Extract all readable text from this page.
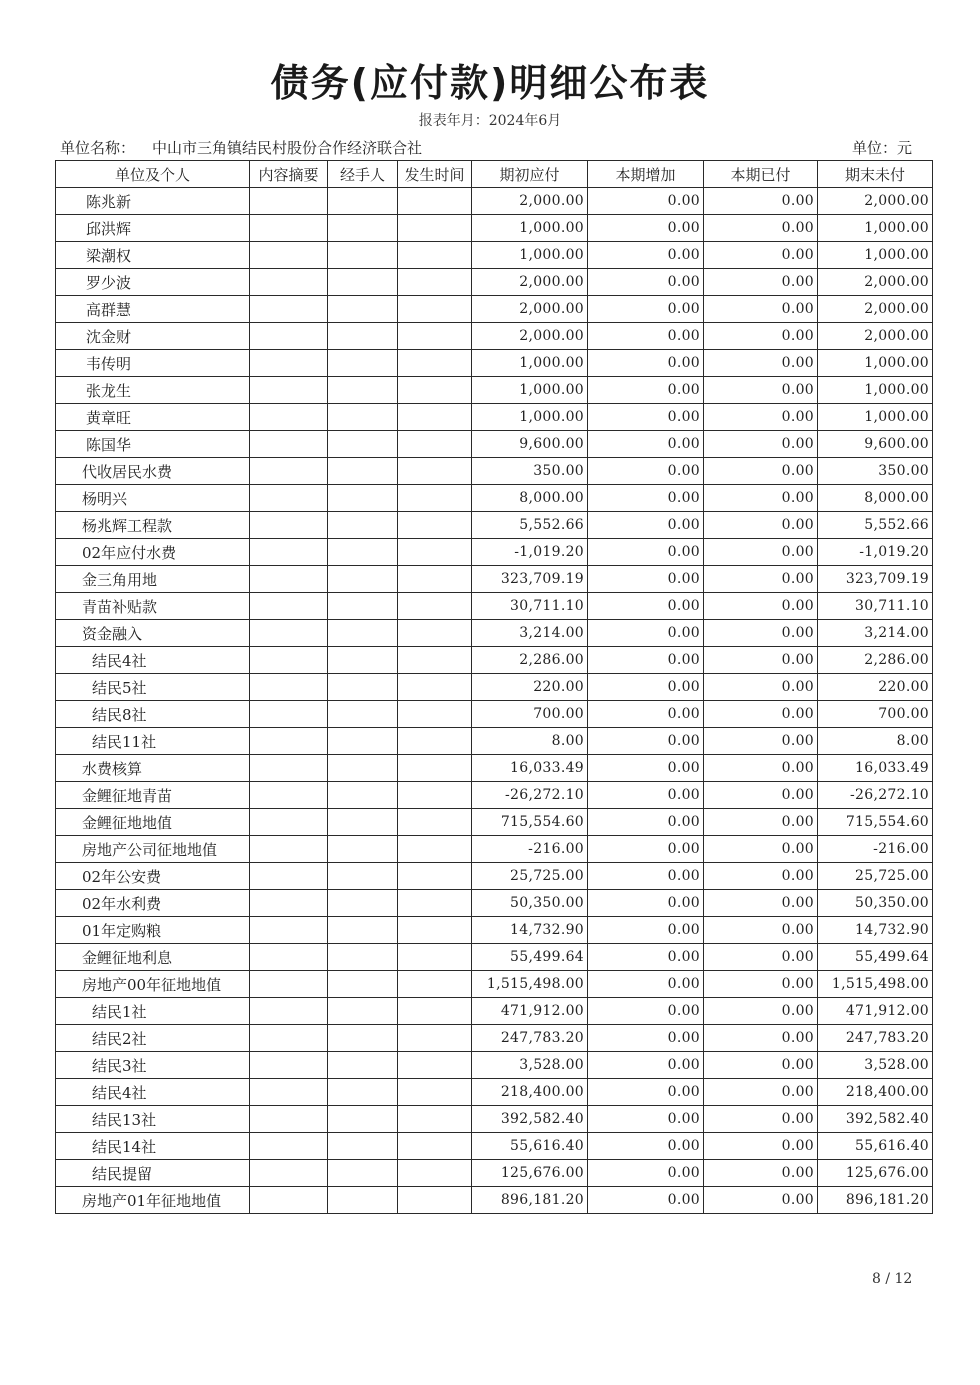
债务(应付款)明细公布表
报表年月：2024年6月
单位名称： 中山市三角镇结民村股份合作经济联合社	单位：元
单位及个人	内容摘要	经手人	发生时间	期初应付	本期增加	本期已付	期末未付
陈兆新				2,000.00	0.00	0.00	2,000.00
邱洪辉				1,000.00	0.00	0.00	1,000.00
梁潮权				1,000.00	0.00	0.00	1,000.00
罗少波				2,000.00	0.00	0.00	2,000.00
高群慧				2,000.00	0.00	0.00	2,000.00
沈金财				2,000.00	0.00	0.00	2,000.00
韦传明				1,000.00	0.00	0.00	1,000.00
张龙生				1,000.00	0.00	0.00	1,000.00
黄章旺				1,000.00	0.00	0.00	1,000.00
陈国华				9,600.00	0.00	0.00	9,600.00
代收居民水费				350.00	0.00	0.00	350.00
杨明兴				8,000.00	0.00	0.00	8,000.00
杨兆辉工程款				5,552.66	0.00	0.00	5,552.66
02年应付水费				-1,019.20	0.00	0.00	-1,019.20
金三角用地				323,709.19	0.00	0.00	323,709.19
青苗补贴款				30,711.10	0.00	0.00	30,711.10
资金融入				3,214.00	0.00	0.00	3,214.00
结民4社				2,286.00	0.00	0.00	2,286.00
结民5社				220.00	0.00	0.00	220.00
结民8社				700.00	0.00	0.00	700.00
结民11社				8.00	0.00	0.00	8.00
水费核算				16,033.49	0.00	0.00	16,033.49
金鲤征地青苗				-26,272.10	0.00	0.00	-26,272.10
金鲤征地地值				715,554.60	0.00	0.00	715,554.60
房地产公司征地地值				-216.00	0.00	0.00	-216.00
02年公安费				25,725.00	0.00	0.00	25,725.00
02年水利费				50,350.00	0.00	0.00	50,350.00
01年定购粮				14,732.90	0.00	0.00	14,732.90
金鲤征地利息				55,499.64	0.00	0.00	55,499.64
房地产00年征地地值				1,515,498.00	0.00	0.00	1,515,498.00
结民1社				471,912.00	0.00	0.00	471,912.00
结民2社				247,783.20	0.00	0.00	247,783.20
结民3社				3,528.00	0.00	0.00	3,528.00
结民4社				218,400.00	0.00	0.00	218,400.00
结民13社				392,582.40	0.00	0.00	392,582.40
结民14社				55,616.40	0.00	0.00	55,616.40
结民提留				125,676.00	0.00	0.00	125,676.00
房地产01年征地地值				896,181.20	0.00	0.00	896,181.20
8 / 12
